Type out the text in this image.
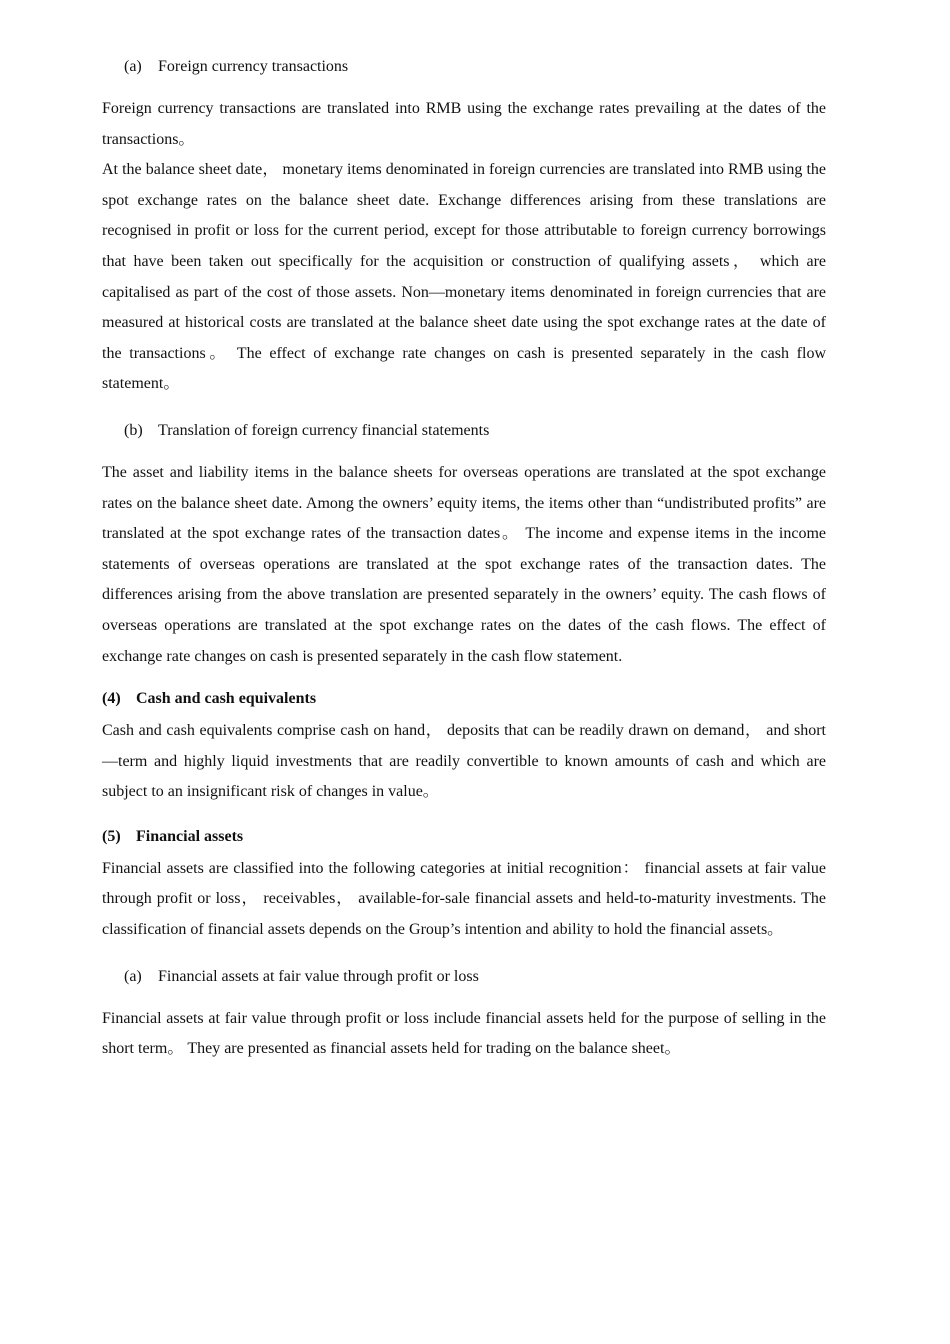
(a) Foreign currency transactions

Foreign currency transactions are translated into RMB using the exchange rates prevailing at the dates of the transactions。

At the balance sheet date， monetary items denominated in foreign currencies are translated into RMB using the spot exchange rates on the balance sheet date. Exchange differences arising from these translations are recognised in profit or loss for the current period, except for those attributable to foreign currency borrowings that have been taken out specifically for the acquisition or construction of qualifying assets， which are capitalised as part of the cost of those assets. Non—monetary items denominated in foreign currencies that are measured at historical costs are translated at the balance sheet date using the spot exchange rates at the date of the transactions。 The effect of exchange rate changes on cash is presented separately in the cash flow statement。

(b) Translation of foreign currency financial statements

The asset and liability items in the balance sheets for overseas operations are translated at the spot exchange rates on the balance sheet date. Among the owners’ equity items, the items other than “undistributed profits” are translated at the spot exchange rates of the transaction dates。 The income and expense items in the income statements of overseas operations are translated at the spot exchange rates of the transaction dates. The differences arising from the above translation are presented separately in the owners’ equity. The cash flows of overseas operations are translated at the spot exchange rates on the dates of the cash flows. The effect of exchange rate changes on cash is presented separately in the cash flow statement.

(4) Cash and cash equivalents

Cash and cash equivalents comprise cash on hand， deposits that can be readily drawn on demand， and short—term and highly liquid investments that are readily convertible to known amounts of cash and which are subject to an insignificant risk of changes in value。

(5) Financial assets

Financial assets are classified into the following categories at initial recognition： financial assets at fair value through profit or loss， receivables， available-for-sale financial assets and held-to-maturity investments. The classification of financial assets depends on the Group’s intention and ability to hold the financial assets。

(a) Financial assets at fair value through profit or loss

Financial assets at fair value through profit or loss include financial assets held for the purpose of selling in the short term。 They are presented as financial assets held for trading on the balance sheet。
